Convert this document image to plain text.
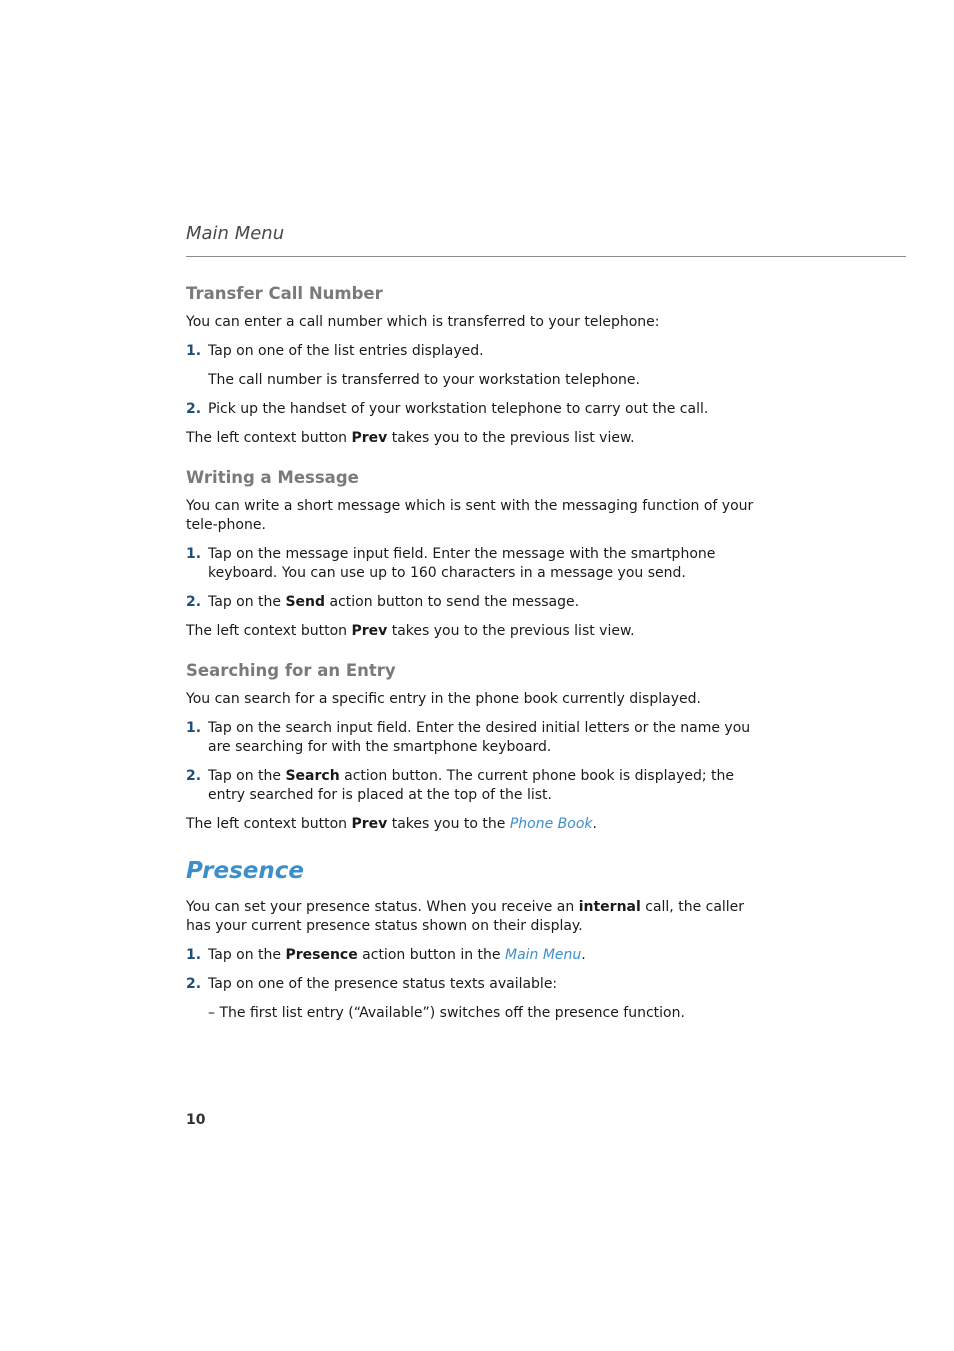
Main Menu
Transfer Call Number

You can enter a call number which is transferred to your telephone:

1. Tap on one of the list entries displayed.

The call number is transferred to your workstation telephone.

2. Pick up the handset of your workstation telephone to carry out the call.

The left context button Prev takes you to the previous list view.

Writing a Message

You can write a short message which is sent with the messaging function of your tele-phone.

1. Tap on the message input field. Enter the message with the smartphone keyboard. You can use up to 160 characters in a message you send.
2. Tap on the Send action button to send the message.

The left context button Prev takes you to the previous list view.

Searching for an Entry

You can search for a specific entry in the phone book currently displayed.

1. Tap on the search input field. Enter the desired initial letters or the name you are searching for with the smartphone keyboard.
2. Tap on the Search action button. The current phone book is displayed; the entry searched for is placed at the top of the list.

The left context button Prev takes you to the Phone Book.

Presence

You can set your presence status. When you receive an internal call, the caller has your current presence status shown on their display.

1. Tap on the Presence action button in the Main Menu.
2. Tap on one of the presence status texts available:

– The first list entry (“Available”) switches off the presence function.

10
